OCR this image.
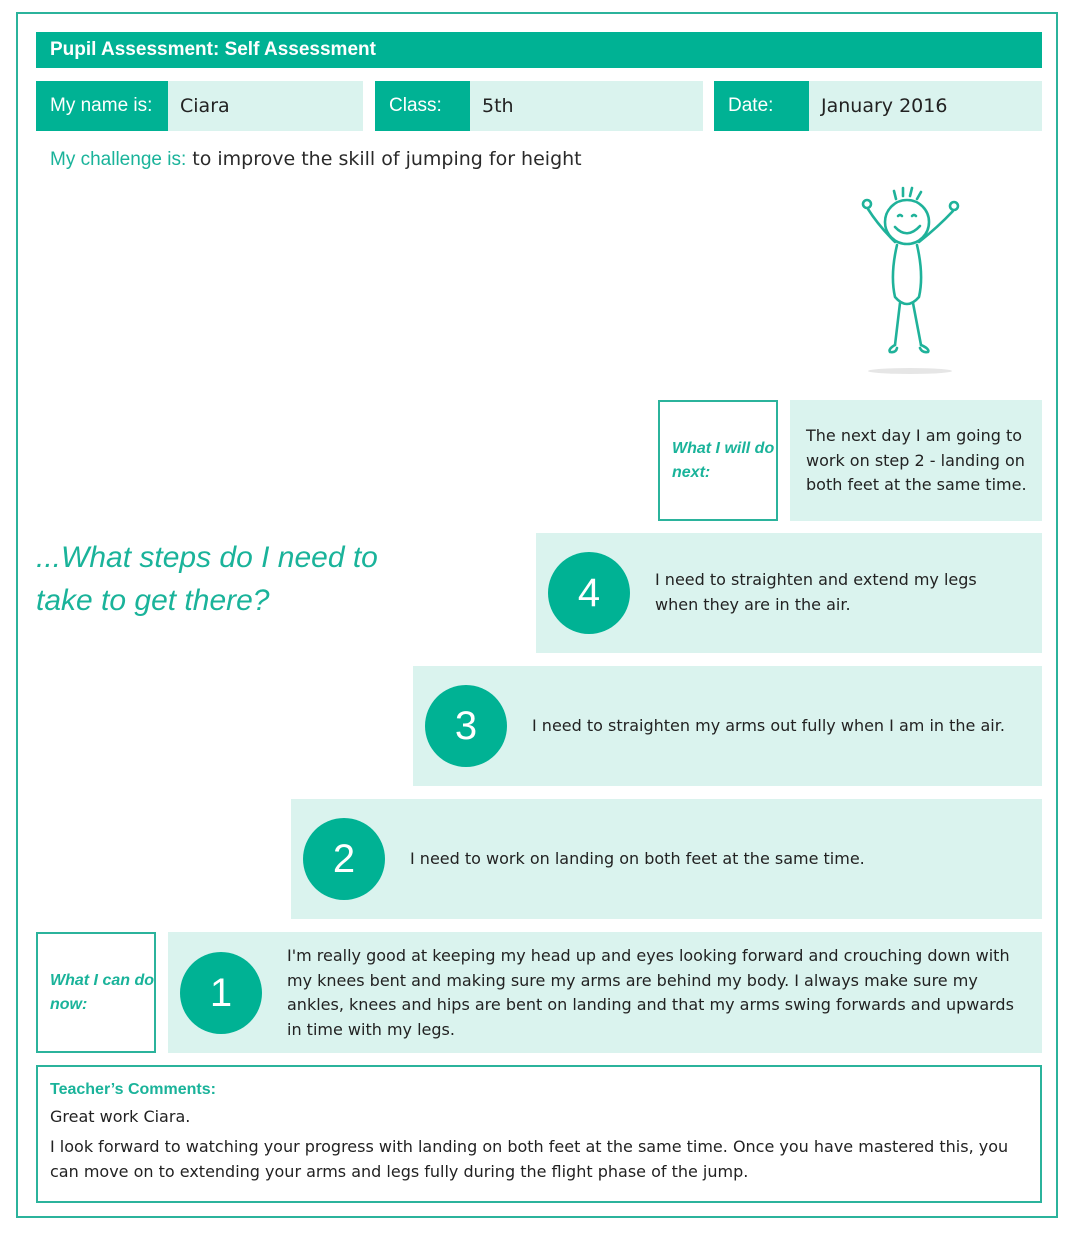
Pupil Assessment: Self Assessment
My name is:	Ciara	Class:	5th	Date:	January 2016
My challenge is: to improve the skill of jumping for height
What I will do next:
The next day I am going to work on step 2 - landing on both feet at the same time.
...What steps do I need to take to get there?	4	I need to straighten and extend my legs when they are in the air.
3	I need to straighten my arms out fully when I am in the air.
2	I need to work on landing on both feet at the same time.
What I can do now:	1
I'm really good at keeping my head up and eyes looking forward and crouching down with my knees bent and making sure my arms are behind my body. I always make sure my ankles, knees and hips are bent on landing and that my arms swing forwards and upwards in time with my legs.
Teacher’s Comments:
Great work Ciara.
I look forward to watching your progress with landing on both feet at the same time. Once you have mastered this, you can move on to extending your arms and legs fully during the flight phase of the jump.
